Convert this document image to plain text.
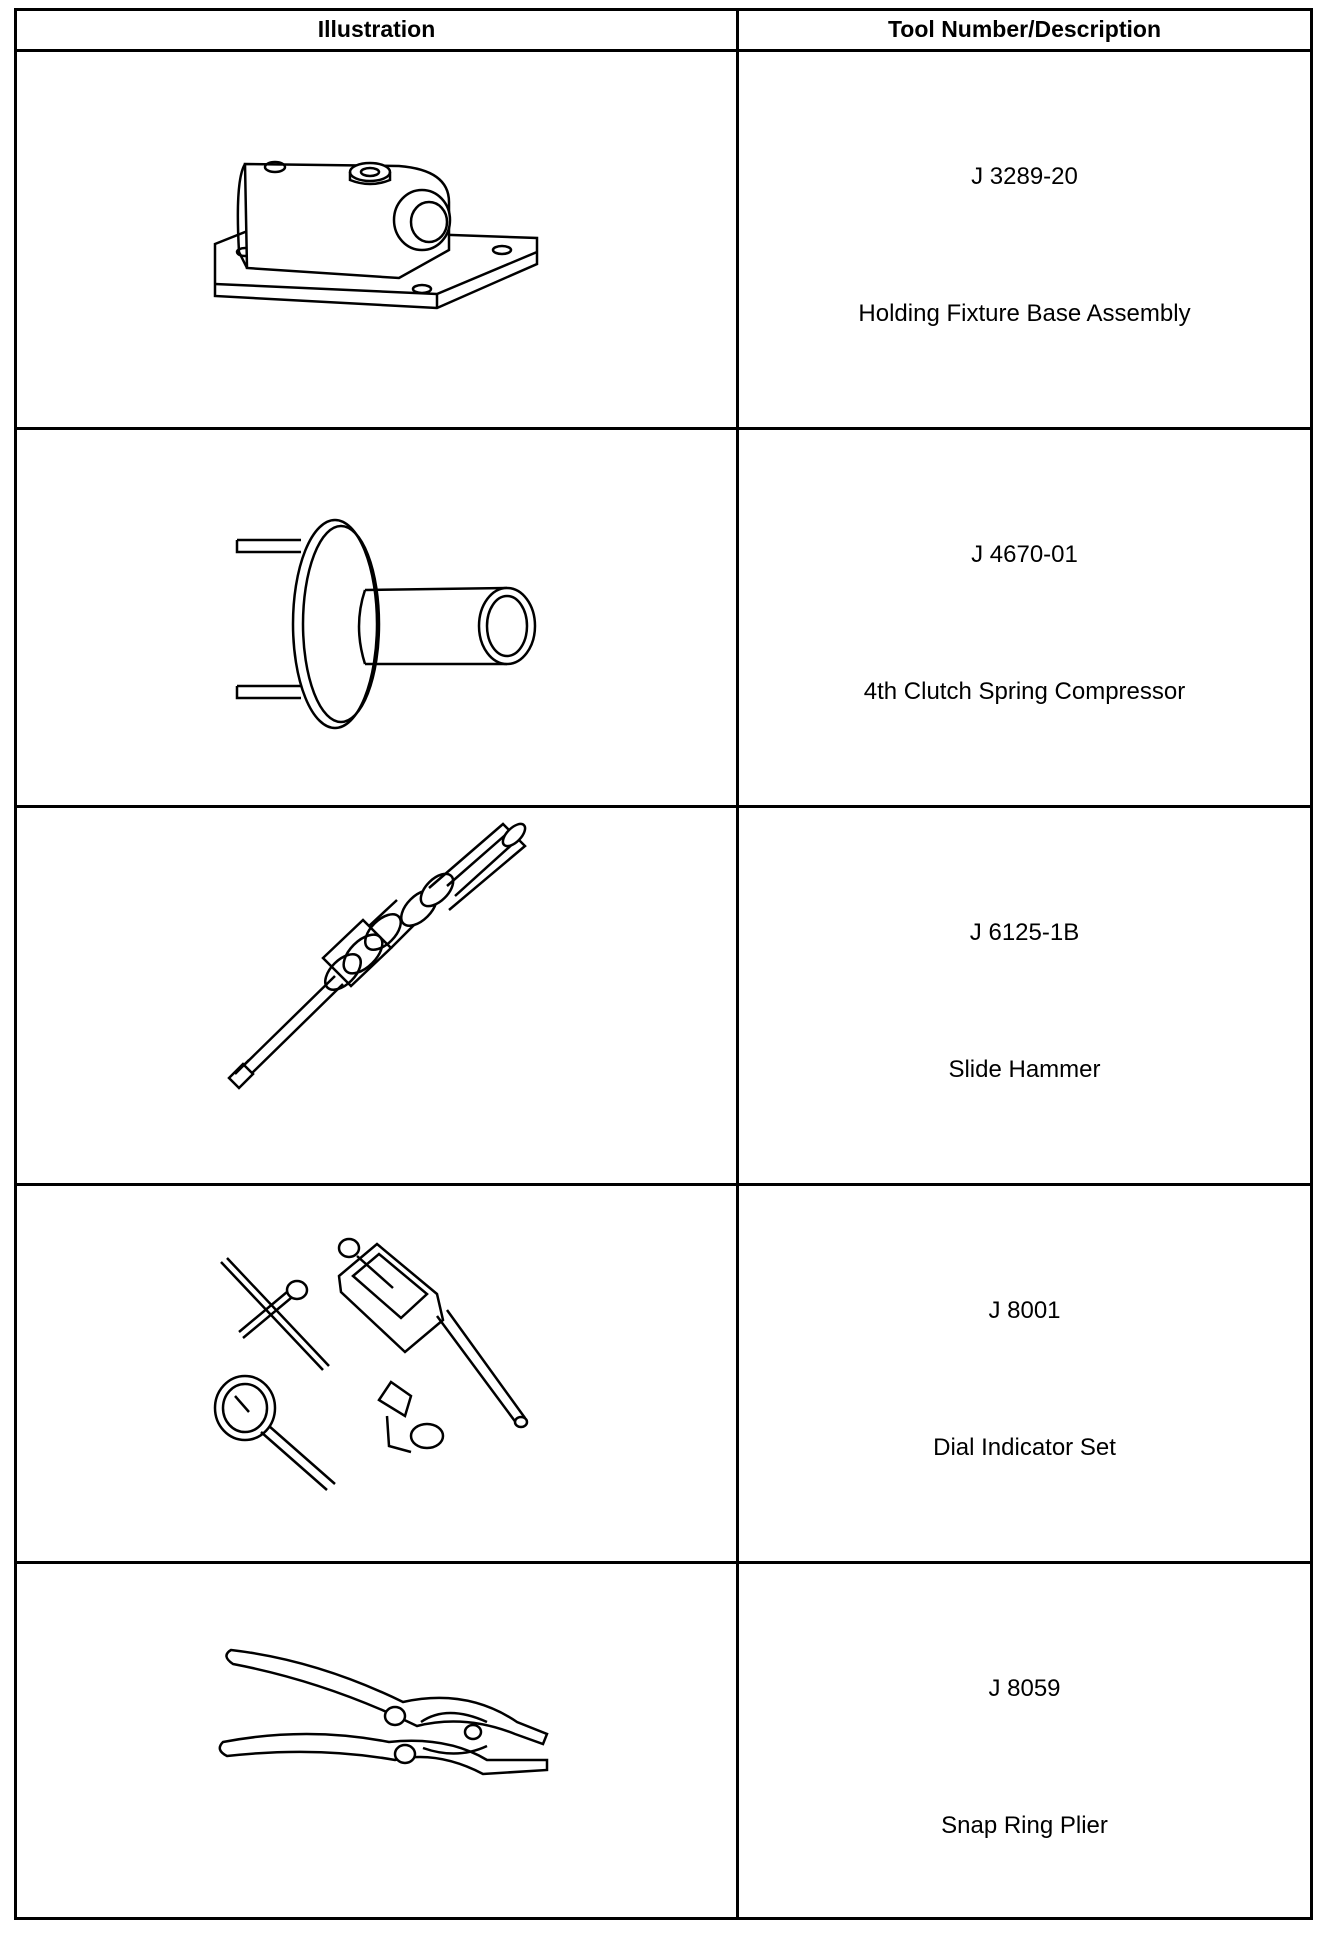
Illustration	Tool Number/Description
J 3289-20
Holding Fixture Base Assembly
J 4670-01
4th Clutch Spring Compressor
J 6125-1B
Slide Hammer
J 8001
Dial Indicator Set
J 8059
Snap Ring Plier
